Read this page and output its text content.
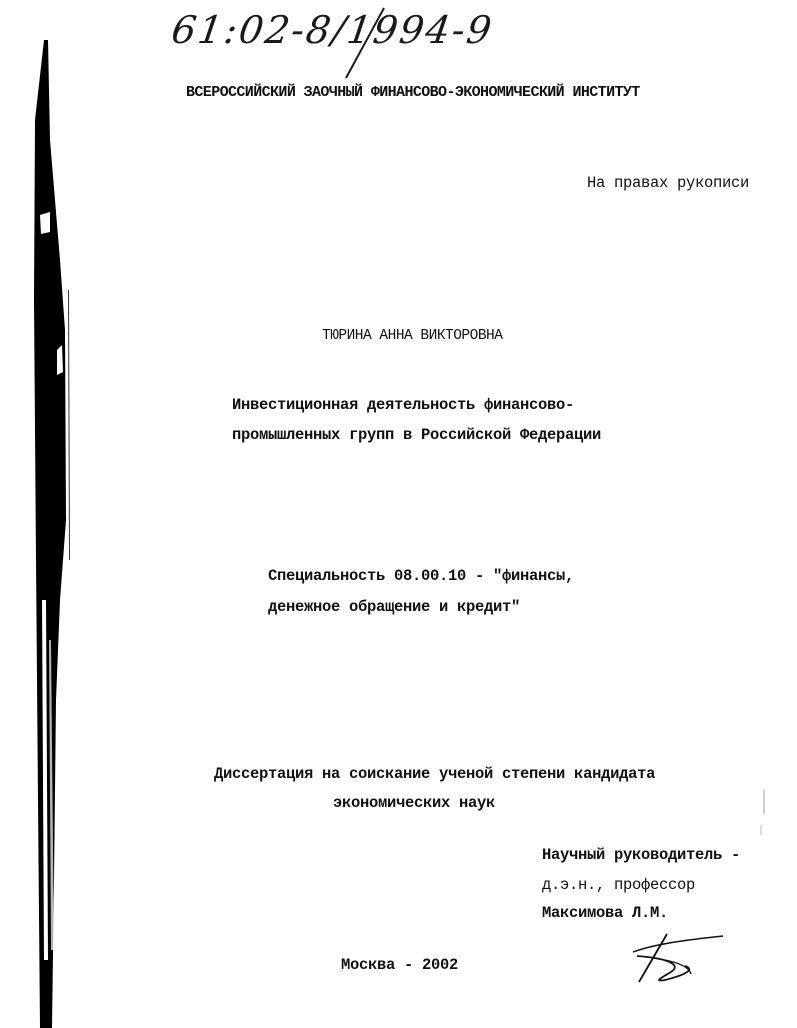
61:02-8/1994-9
ВСЕРОССИЙСКИЙ ЗАОЧНЫЙ ФИНАНСОВО-ЭКОНОМИЧЕСКИЙ ИНСТИТУТ
На правах рукописи
ТЮРИНА АННА ВИКТОРОВНА
Инвестиционная деятельность финансово-
промышленных групп в Российской Федерации
Специальность 08.00.10 - "финансы,
денежное обращение и кредит"
Диссертация на соискание ученой степени кандидата
экономических наук
Научный руководитель -
д.э.н., профессор
Максимова Л.М.
Москва - 2002
